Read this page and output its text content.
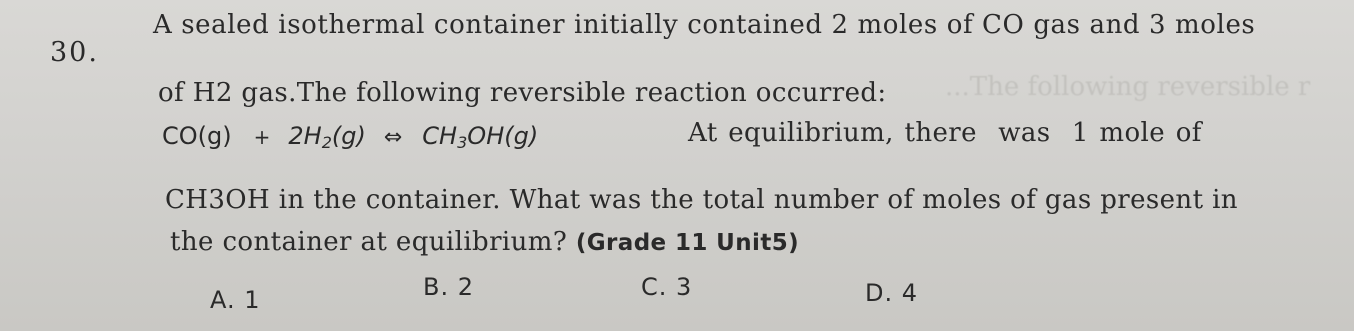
30.
A sealed isothermal container initially contained 2 moles of CO gas and 3 moles
of H2 gas.The following reversible reaction occurred: ...The following reversible r
$CO(g) + 2H_2(g)$ ⇔ $CH_3OH(g)$	At equilibrium, there  was  1 mole of
CH3OH in the container. What was the total number of moles of gas present in
the container at equilibrium? (Grade 11 Unit5)
A. 1	B. 2	C. 3	D. 4
